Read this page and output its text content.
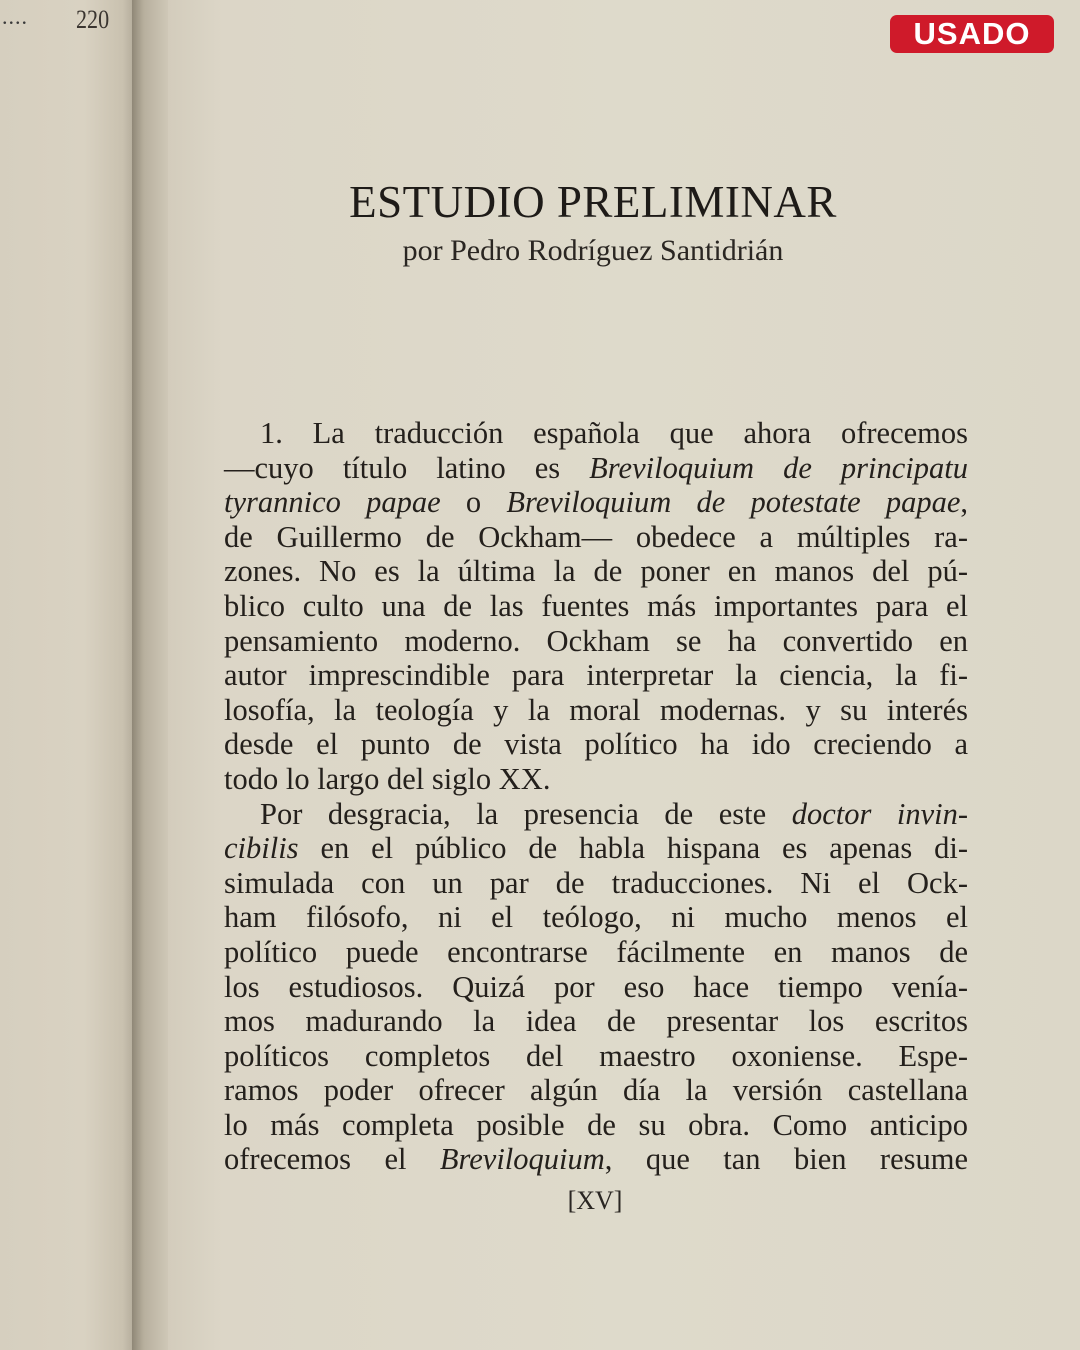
.... 220	USADO
ESTUDIO PRELIMINAR
por Pedro Rodríguez Santidrián
1. La traducción española que ahora ofrecemos
—cuyo título latino es Breviloquium de principatu
tyrannico papae o Breviloquium de potestate papae,
de Guillermo de Ockham— obedece a múltiples ra-
zones. No es la última la de poner en manos del pú-
blico culto una de las fuentes más importantes para el
pensamiento moderno. Ockham se ha convertido en
autor imprescindible para interpretar la ciencia, la fi-
losofía, la teología y la moral modernas. y su interés
desde el punto de vista político ha ido creciendo a
todo lo largo del siglo XX.
Por desgracia, la presencia de este doctor invin-
cibilis en el público de habla hispana es apenas di-
simulada con un par de traducciones. Ni el Ock-
ham filósofo, ni el teólogo, ni mucho menos el
político puede encontrarse fácilmente en manos de
los estudiosos. Quizá por eso hace tiempo venía-
mos madurando la idea de presentar los escritos
políticos completos del maestro oxoniense. Espe-
ramos poder ofrecer algún día la versión castellana
lo más completa posible de su obra. Como anticipo
ofrecemos el Breviloquium, que tan bien resume
[XV]
